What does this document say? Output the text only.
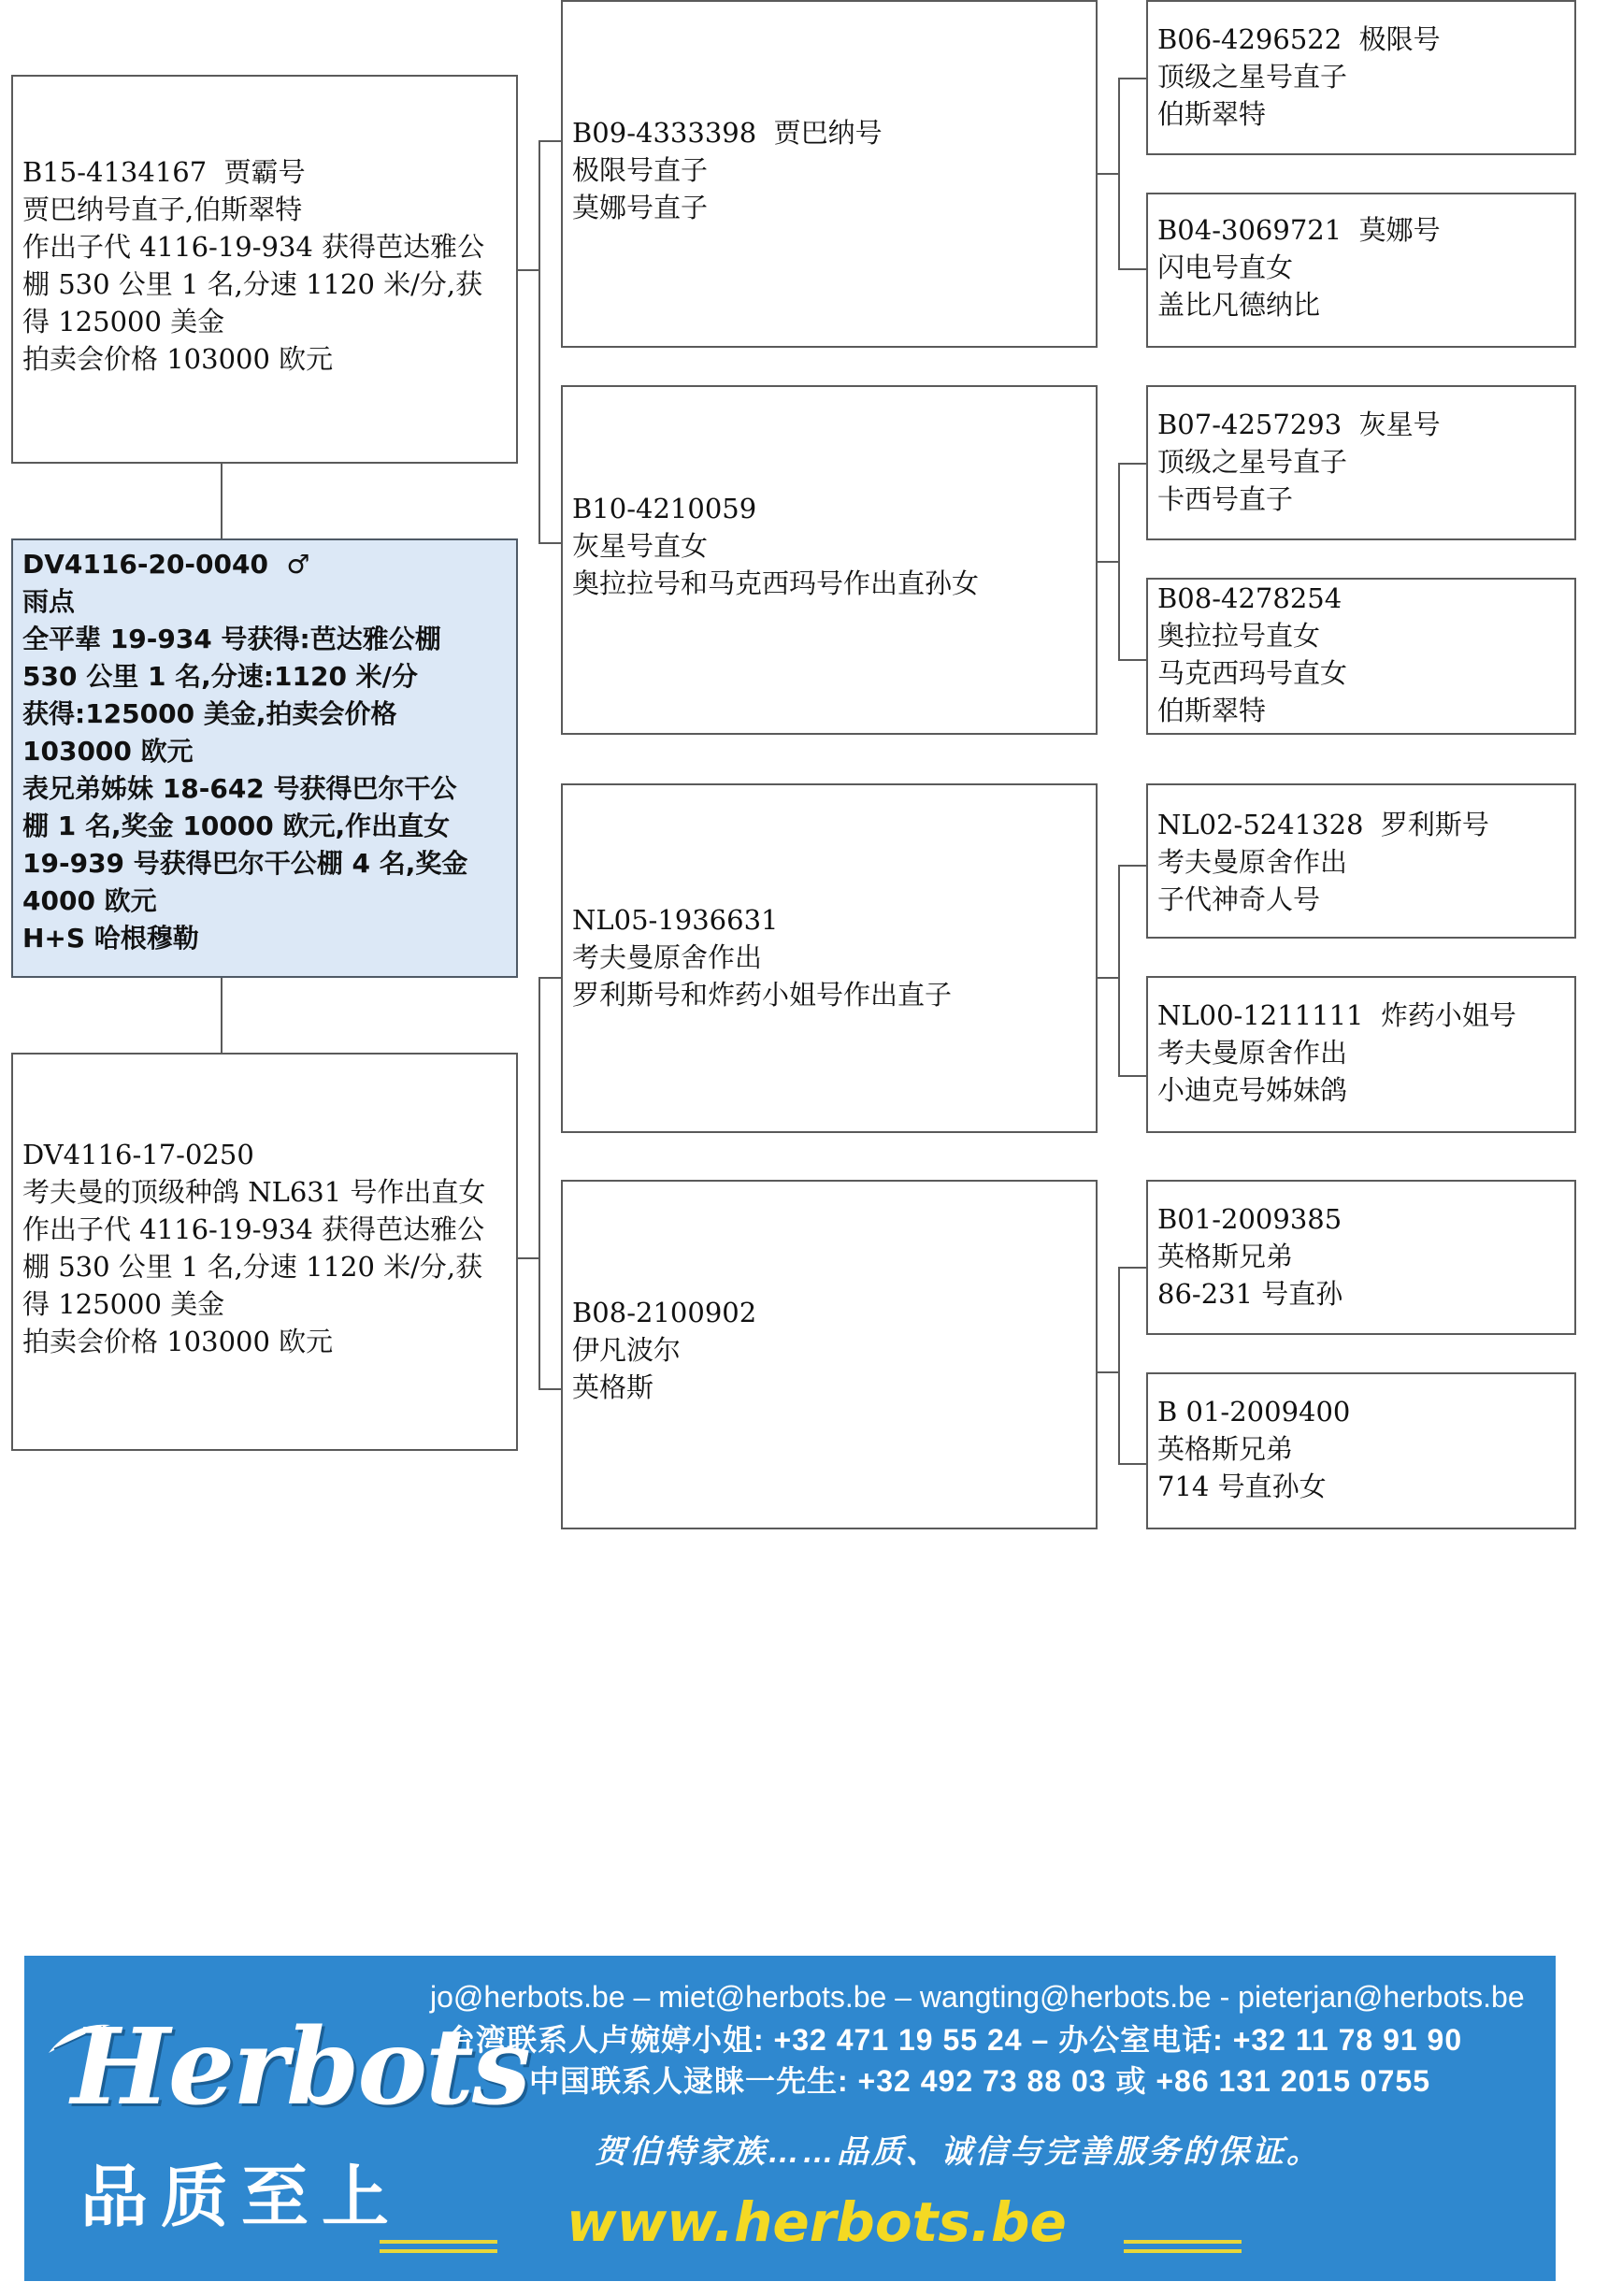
B15-4134167  贾霸号
贾巴纳号直子,伯斯翠特
作出子代 4116-19-934 获得芭达雅公
棚 530 公里 1 名,分速 1120 米/分,获
得 125000 美金
拍卖会价格 103000 欧元
DV4116-20-0040  ♂
雨点
全平辈 19-934 号获得:芭达雅公棚
530 公里 1 名,分速:1120 米/分
获得:125000 美金,拍卖会价格
103000 欧元
表兄弟姊妹 18-642 号获得巴尔干公
棚 1 名,奖金 10000 欧元,作出直女
19-939 号获得巴尔干公棚 4 名,奖金
4000 欧元
H+S 哈根穆勒
DV4116-17-0250
考夫曼的顶级种鸽 NL631 号作出直女
作出子代 4116-19-934 获得芭达雅公
棚 530 公里 1 名,分速 1120 米/分,获
得 125000 美金
拍卖会价格 103000 欧元
B09-4333398  贾巴纳号
极限号直子
莫娜号直子
B10-4210059
灰星号直女
奥拉拉号和马克西玛号作出直孙女
NL05-1936631
考夫曼原舍作出
罗利斯号和炸药小姐号作出直子
B08-2100902
伊凡波尔
英格斯
B06-4296522  极限号
顶级之星号直子
伯斯翠特
B04-3069721  莫娜号
闪电号直女
盖比凡德纳比
B07-4257293  灰星号
顶级之星号直子
卡西号直子
B08-4278254
奥拉拉号直女
马克西玛号直女
伯斯翠特
NL02-5241328  罗利斯号
考夫曼原舍作出
子代神奇人号
NL00-1211111  炸药小姐号
考夫曼原舍作出
小迪克号姊妹鸽
B01-2009385
英格斯兄弟
86-231 号直孙
B 01-2009400
英格斯兄弟
714 号直孙女
Herbots
品质至上
jo@herbots.be – miet@herbots.be – wangting@herbots.be - pieterjan@herbots.be
台湾联系人卢婉婷小姐: +32 471 19 55 24 – 办公室电话: +32 11 78 91 90
中国联系人逯睐一先生: +32 492 73 88 03 或 +86 131 2015 0755
贺伯特家族……品质、诚信与完善服务的保证。
www.herbots.be
